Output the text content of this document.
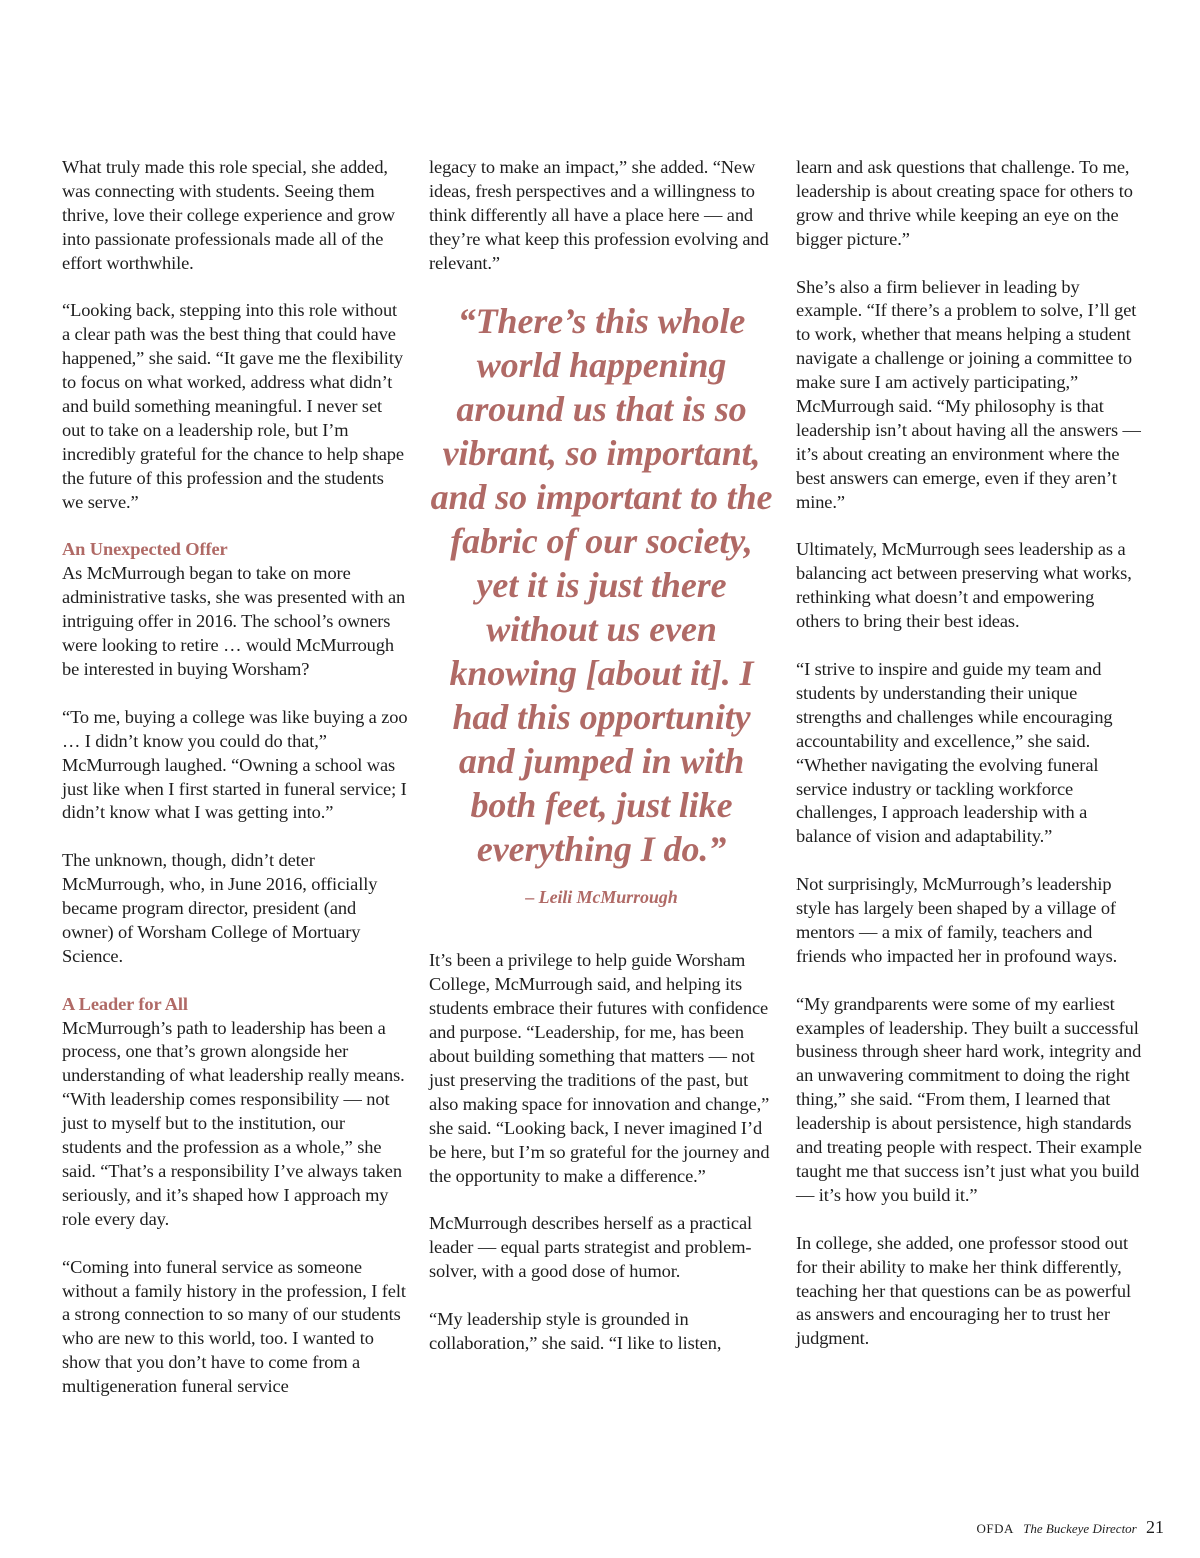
What truly made this role special, she added, was connecting with students. Seeing them thrive, love their college experience and grow into passionate professionals made all of the effort worthwhile.

“Looking back, stepping into this role without a clear path was the best thing that could have happened,” she said. “It gave me the flexibility to focus on what worked, address what didn’t and build something meaningful. I never set out to take on a leadership role, but I’m incredibly grateful for the chance to help shape the future of this profession and the students we serve.”

An Unexpected Offer

As McMurrough began to take on more administrative tasks, she was presented with an intriguing offer in 2016. The school’s owners were looking to retire … would McMurrough be interested in buying Worsham?

“To me, buying a college was like buying a zoo … I didn’t know you could do that,” McMurrough laughed. “Owning a school was just like when I first started in funeral service; I didn’t know what I was getting into.”

The unknown, though, didn’t deter McMurrough, who, in June 2016, officially became program director, president (and owner) of Worsham College of Mortuary Science.

A Leader for All

McMurrough’s path to leadership has been a process, one that’s grown alongside her understanding of what leadership really means. “With leadership comes responsibility — not just to myself but to the institution, our students and the profession as a whole,” she said. “That’s a responsibility I’ve always taken seriously, and it’s shaped how I approach my role every day.

“Coming into funeral service as someone without a family history in the profession, I felt a strong connection to so many of our students who are new to this world, too. I wanted to show that you don’t have to come from a multigeneration funeral service

legacy to make an impact,” she added. “New ideas, fresh perspectives and a willingness to think differently all have a place here — and they’re what keep this profession evolving and relevant.”

“There’s this whole world happening around us that is so vibrant, so important, and so important to the fabric of our society, yet it is just there without us even knowing [about it]. I had this opportunity and jumped in with both feet, just like everything I do.”

– Leili McMurrough

It’s been a privilege to help guide Worsham College, McMurrough said, and helping its students embrace their futures with confidence and purpose. “Leadership, for me, has been about building something that matters — not just preserving the traditions of the past, but also making space for innovation and change,” she said. “Looking back, I never imagined I’d be here, but I’m so grateful for the journey and the opportunity to make a difference.”

McMurrough describes herself as a practical leader — equal parts strategist and problem-solver, with a good dose of humor.

“My leadership style is grounded in collaboration,” she said. “I like to listen,

learn and ask questions that challenge. To me, leadership is about creating space for others to grow and thrive while keeping an eye on the bigger picture.”

She’s also a firm believer in leading by example. “If there’s a problem to solve, I’ll get to work, whether that means helping a student navigate a challenge or joining a committee to make sure I am actively participating,” McMurrough said. “My philosophy is that leadership isn’t about having all the answers — it’s about creating an environment where the best answers can emerge, even if they aren’t mine.”

Ultimately, McMurrough sees leadership as a balancing act between preserving what works, rethinking what doesn’t and empowering others to bring their best ideas.

“I strive to inspire and guide my team and students by understanding their unique strengths and challenges while encouraging accountability and excellence,” she said. “Whether navigating the evolving funeral service industry or tackling workforce challenges, I approach leadership with a balance of vision and adaptability.”

Not surprisingly, McMurrough’s leadership style has largely been shaped by a village of mentors — a mix of family, teachers and friends who impacted her in profound ways.

“My grandparents were some of my earliest examples of leadership. They built a successful business through sheer hard work, integrity and an unwavering commitment to doing the right thing,” she said. “From them, I learned that leadership is about persistence, high standards and treating people with respect. Their example taught me that success isn’t just what you build — it’s how you build it.”

In college, she added, one professor stood out for their ability to make her think differently, teaching her that questions can be as powerful as answers and encouraging her to trust her judgment.

OFDA The Buckeye Director 21
